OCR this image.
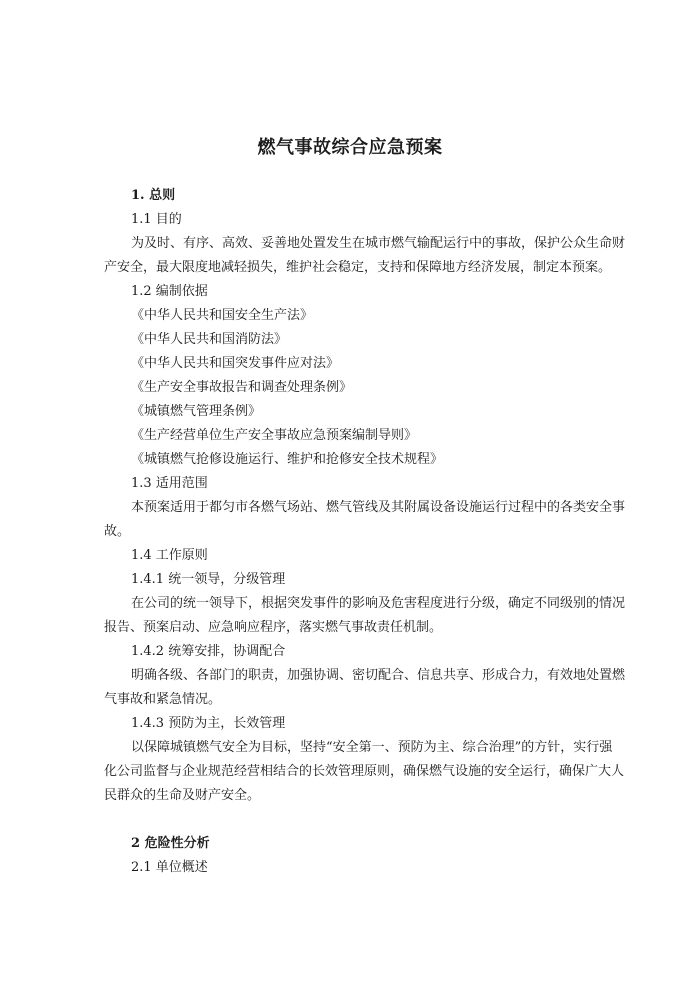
燃气事故综合应急预案
1. 总则
1.1 目的
为及时、有序、高效、妥善地处置发生在城市燃气输配运行中的事故，保护公众生命财
产安全，最大限度地减轻损失，维护社会稳定，支持和保障地方经济发展，制定本预案。
1.2 编制依据
《中华人民共和国安全生产法》
《中华人民共和国消防法》
《中华人民共和国突发事件应对法》
《生产安全事故报告和调查处理条例》
《城镇燃气管理条例》
《生产经营单位生产安全事故应急预案编制导则》
《城镇燃气抢修设施运行、维护和抢修安全技术规程》
1.3 适用范围
本预案适用于都匀市各燃气场站、燃气管线及其附属设备设施运行过程中的各类安全事
故。
1.4 工作原则
1.4.1 统一领导，分级管理
在公司的统一领导下，根据突发事件的影响及危害程度进行分级，确定不同级别的情况
报告、预案启动、应急响应程序，落实燃气事故责任机制。
1.4.2 统筹安排，协调配合
明确各级、各部门的职责，加强协调、密切配合、信息共享、形成合力，有效地处置燃
气事故和紧急情况。
1.4.3 预防为主，长效管理
以保障城镇燃气安全为目标，坚持“安全第一、预防为主、综合治理”的方针，实行强
化公司监督与企业规范经营相结合的长效管理原则，确保燃气设施的安全运行，确保广大人
民群众的生命及财产安全。
2 危险性分析
2.1 单位概述
